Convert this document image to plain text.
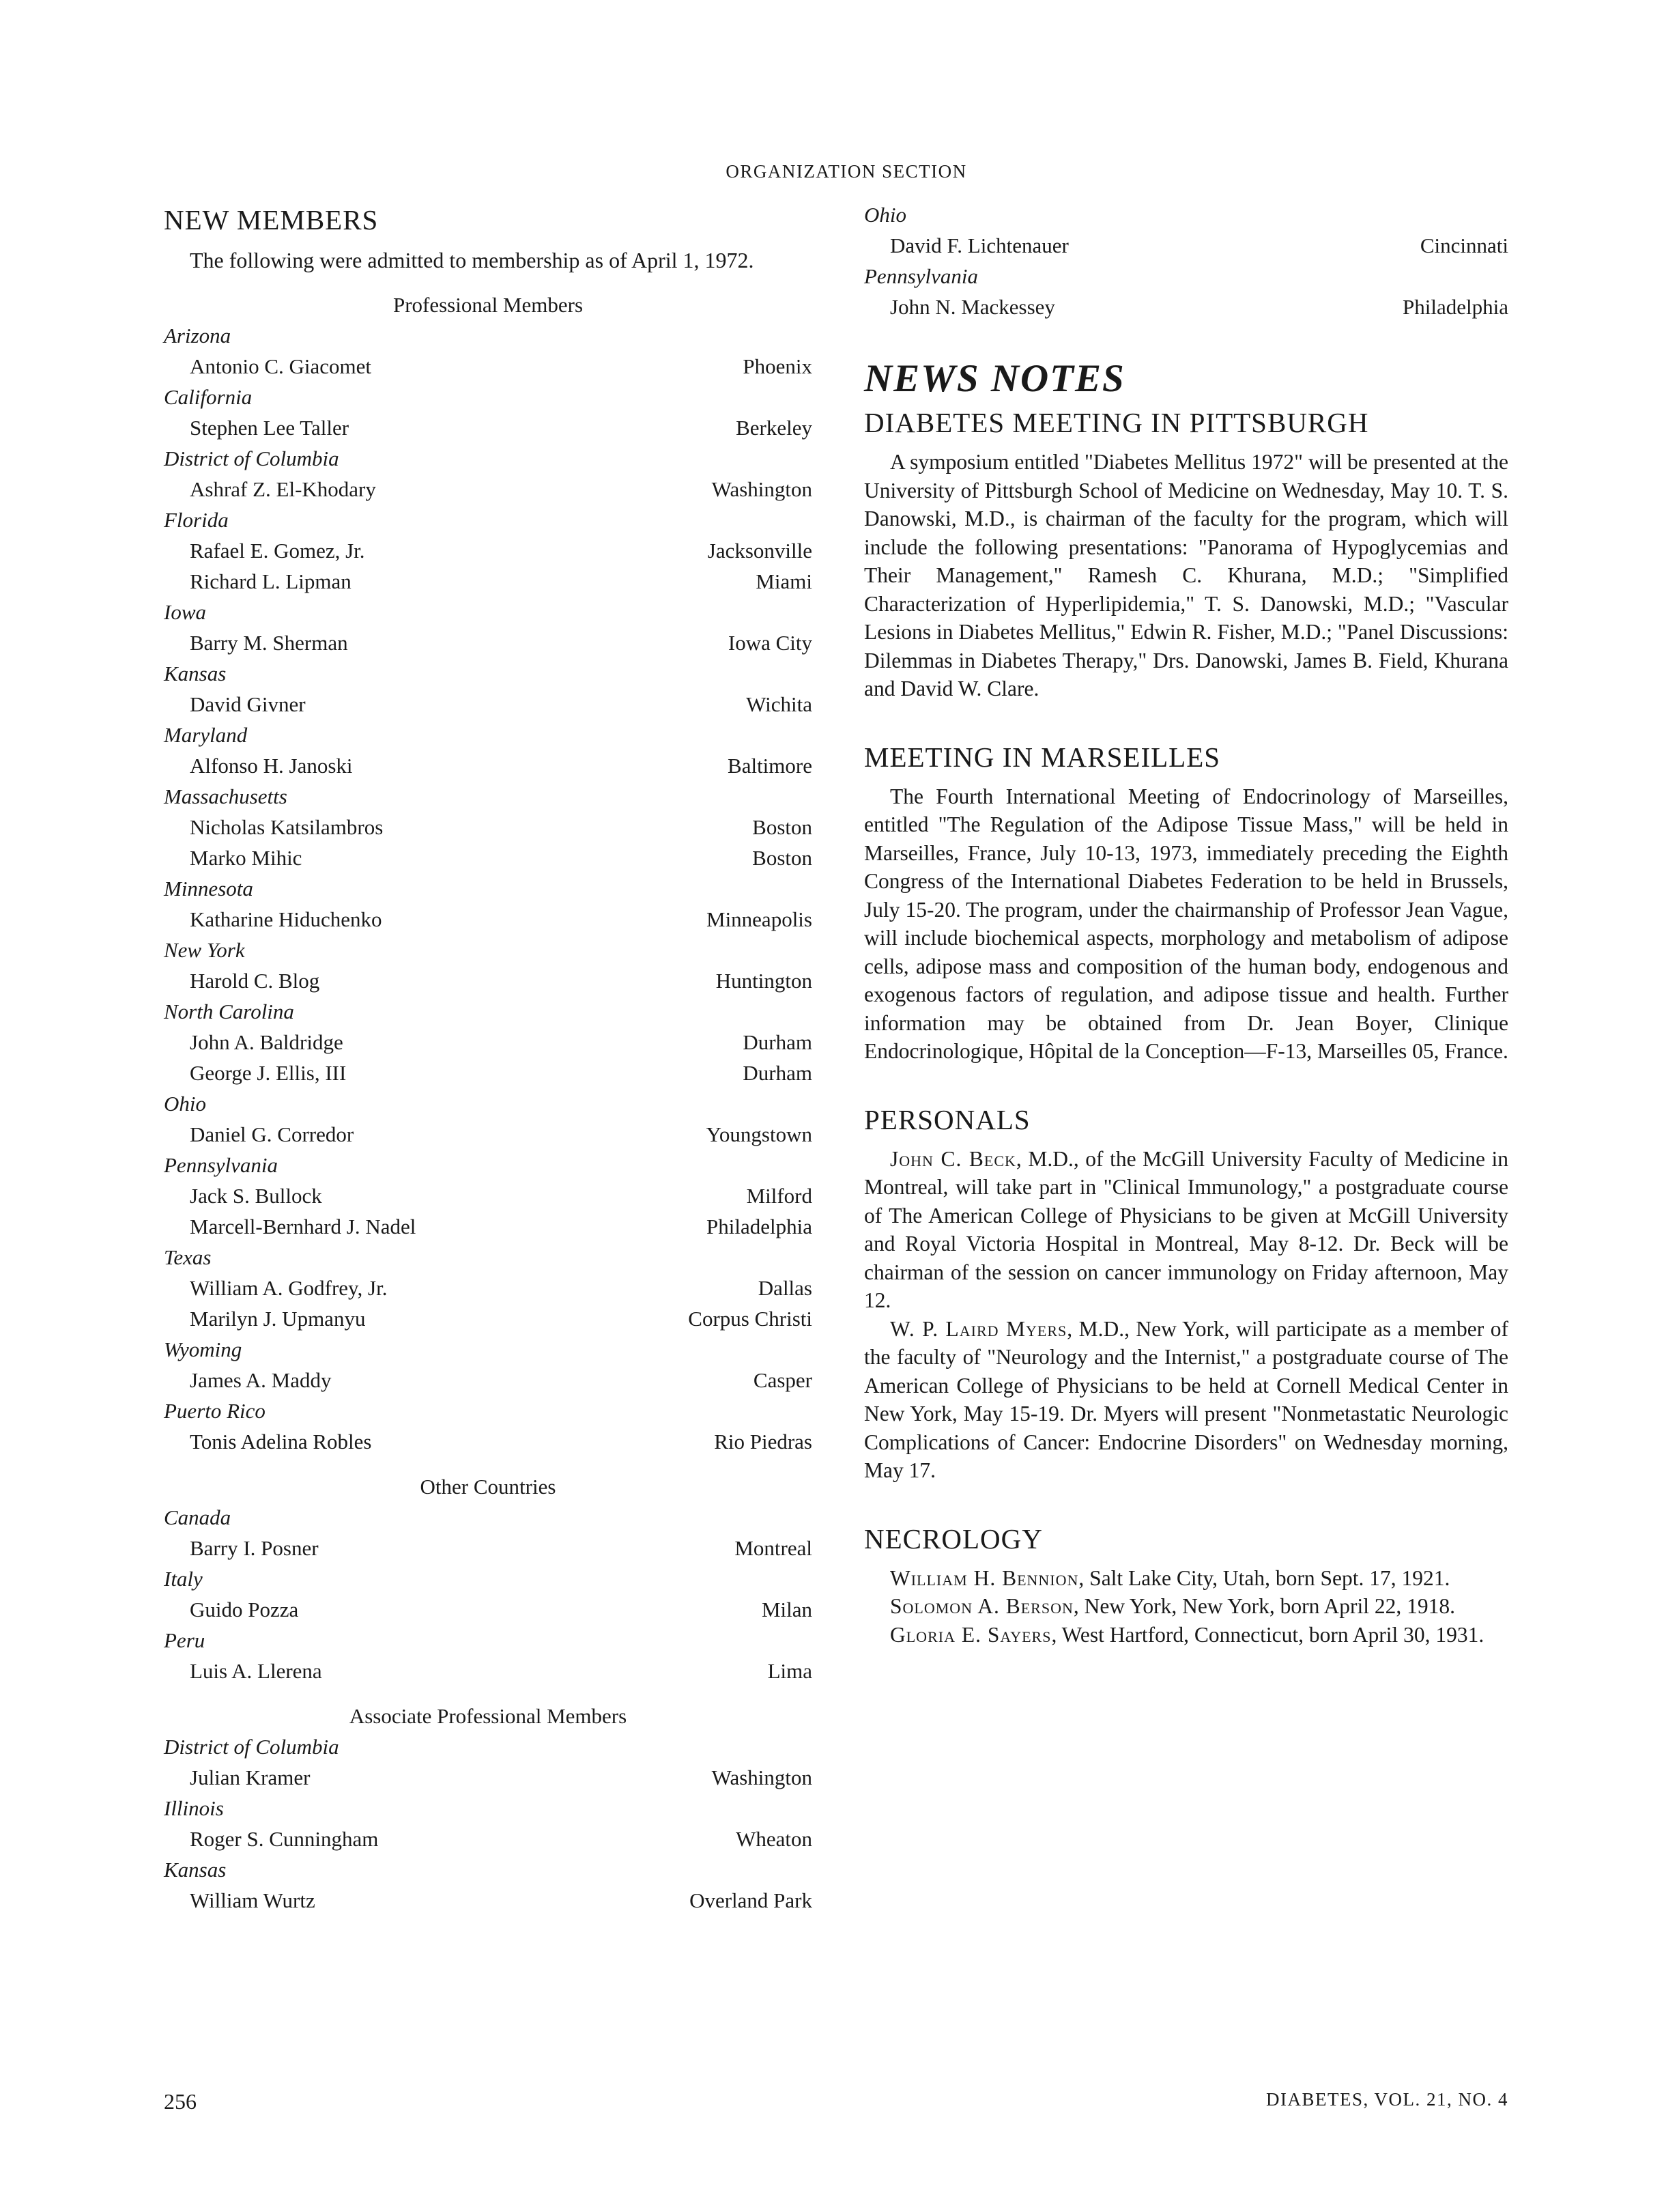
ORGANIZATION SECTION
NEW MEMBERS

The following were admitted to membership as of April 1, 1972.

Professional Members
Arizona
Antonio C. Giacomet	Phoenix
California
Stephen Lee Taller	Berkeley
District of Columbia
Ashraf Z. El-Khodary	Washington
Florida
Rafael E. Gomez, Jr.	Jacksonville
Richard L. Lipman	Miami
Iowa
Barry M. Sherman	Iowa City
Kansas
David Givner	Wichita
Maryland
Alfonso H. Janoski	Baltimore
Massachusetts
Nicholas Katsilambros	Boston
Marko Mihic	Boston
Minnesota
Katharine Hiduchenko	Minneapolis
New York
Harold C. Blog	Huntington
North Carolina
John A. Baldridge	Durham
George J. Ellis, III	Durham
Ohio
Daniel G. Corredor	Youngstown
Pennsylvania
Jack S. Bullock	Milford
Marcell-Bernhard J. Nadel	Philadelphia
Texas
William A. Godfrey, Jr.	Dallas
Marilyn J. Upmanyu	Corpus Christi
Wyoming
James A. Maddy	Casper
Puerto Rico
Tonis Adelina Robles	Rio Piedras
Other Countries
Canada
Barry I. Posner	Montreal
Italy
Guido Pozza	Milan
Peru
Luis A. Llerena	Lima
Associate Professional Members
District of Columbia
Julian Kramer	Washington
Illinois
Roger S. Cunningham	Wheaton
Kansas
William Wurtz	Overland Park
Ohio
David F. Lichtenauer	Cincinnati
Pennsylvania
John N. Mackessey	Philadelphia
NEWS NOTES
DIABETES MEETING IN PITTSBURGH

A symposium entitled "Diabetes Mellitus 1972" will be presented at the University of Pittsburgh School of Medicine on Wednesday, May 10. T. S. Danowski, M.D., is chairman of the faculty for the program, which will include the following presentations: "Panorama of Hypoglycemias and Their Management," Ramesh C. Khurana, M.D.; "Simplified Characterization of Hyperlipidemia," T. S. Danowski, M.D.; "Vascular Lesions in Diabetes Mellitus," Edwin R. Fisher, M.D.; "Panel Discussions: Dilemmas in Diabetes Therapy," Drs. Danowski, James B. Field, Khurana and David W. Clare.

MEETING IN MARSEILLES

The Fourth International Meeting of Endocrinology of Marseilles, entitled "The Regulation of the Adipose Tissue Mass," will be held in Marseilles, France, July 10-13, 1973, immediately preceding the Eighth Congress of the International Diabetes Federation to be held in Brussels, July 15-20. The program, under the chairmanship of Professor Jean Vague, will include biochemical aspects, morphology and metabolism of adipose cells, adipose mass and composition of the human body, endogenous and exogenous factors of regulation, and adipose tissue and health. Further information may be obtained from Dr. Jean Boyer, Clinique Endocrinologique, Hôpital de la Conception—F-13, Marseilles 05, France.

PERSONALS

John C. Beck, M.D., of the McGill University Faculty of Medicine in Montreal, will take part in "Clinical Immunology," a postgraduate course of The American College of Physicians to be given at McGill University and Royal Victoria Hospital in Montreal, May 8-12. Dr. Beck will be chairman of the session on cancer immunology on Friday afternoon, May 12.

W. P. Laird Myers, M.D., New York, will participate as a member of the faculty of "Neurology and the Internist," a postgraduate course of The American College of Physicians to be held at Cornell Medical Center in New York, May 15-19. Dr. Myers will present "Nonmetastatic Neurologic Complications of Cancer: Endocrine Disorders" on Wednesday morning, May 17.

NECROLOGY

William H. Bennion, Salt Lake City, Utah, born Sept. 17, 1921.

Solomon A. Berson, New York, New York, born April 22, 1918.

Gloria E. Sayers, West Hartford, Connecticut, born April 30, 1931.

256	DIABETES, VOL. 21, NO. 4
